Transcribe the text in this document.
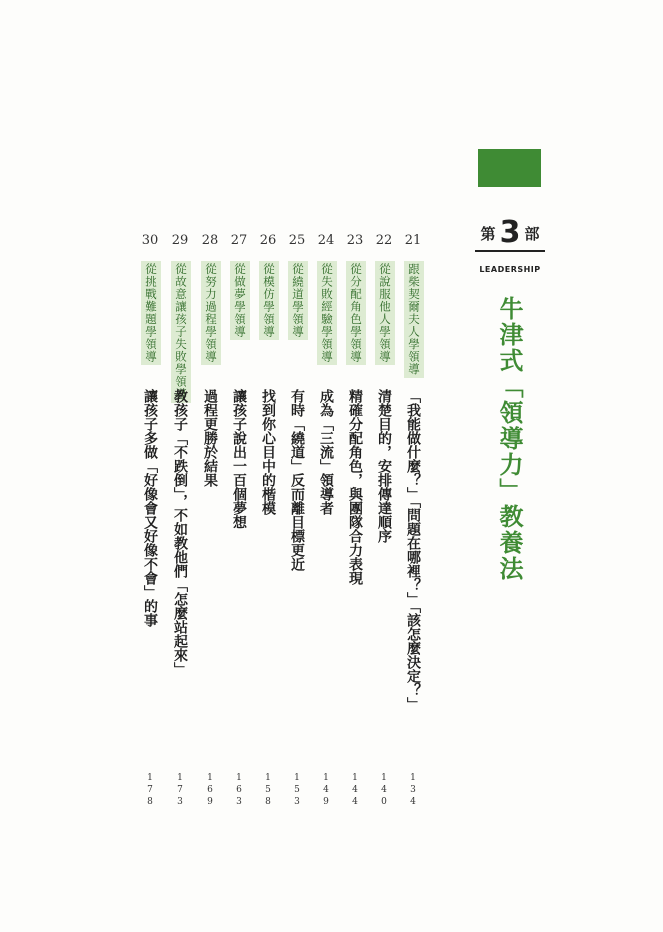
第 3 部
LEADERSHIP
牛津式「領導力」教養法
21
跟柴契爾夫人學領導
「我能做什麼？」「問題在哪裡？」「該怎麼決定？」
134
22
從說服他人學領導
清楚目的，安排傳達順序
140
23
從分配角色學領導
精確分配角色，與團隊合力表現
144
24
從失敗經驗學領導
成為「三流」領導者
149
25
從繞道學領導
有時「繞道」反而離目標更近
153
26
從模仿學領導
找到你心目中的楷模
158
27
從做夢學領導
讓孩子說出一百個夢想
163
28
從努力過程學領導
過程更勝於結果
169
29
從故意讓孩子失敗學領導
教孩子「不跌倒」，不如教他們「怎麼站起來」
173
30
從挑戰難題學領導
讓孩子多做「好像會又好像不會」的事
178
